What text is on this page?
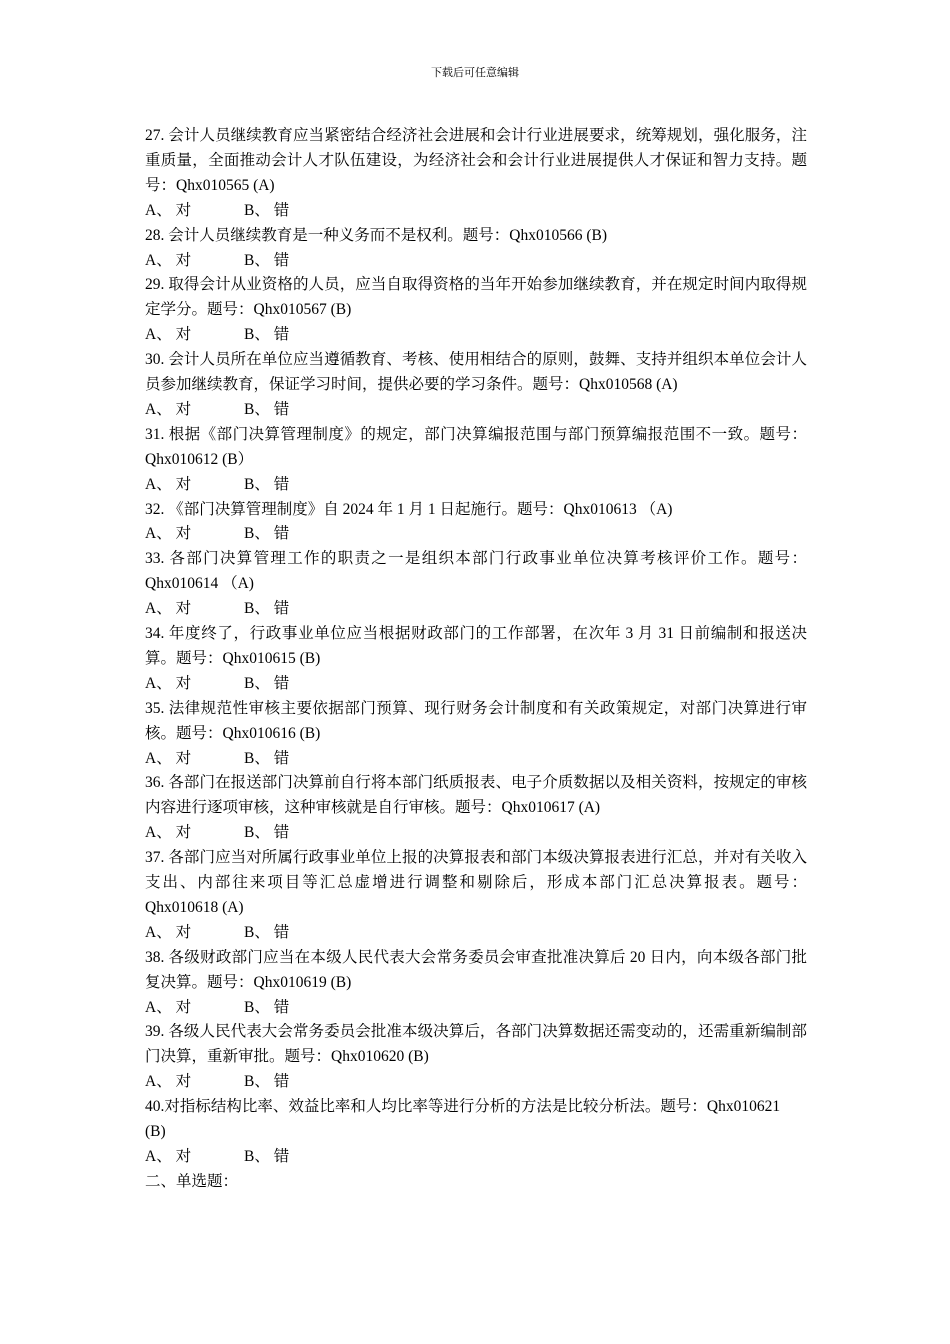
下载后可任意编辑
27. 会计人员继续教育应当紧密结合经济社会进展和会计行业进展要求，统筹规划，强化服务，注重质量，全面推动会计人才队伍建设，为经济社会和会计行业进展提供人才保证和智力支持。题号：Qhx010565 (A)
A、 对	B、 错
28. 会计人员继续教育是一种义务而不是权利。题号：Qhx010566 (B)
A、 对	B、 错
29. 取得会计从业资格的人员，应当自取得资格的当年开始参加继续教育，并在规定时间内取得规定学分。题号：Qhx010567 (B)
A、 对	B、 错
30. 会计人员所在单位应当遵循教育、考核、使用相结合的原则，鼓舞、支持并组织本单位会计人员参加继续教育，保证学习时间，提供必要的学习条件。题号：Qhx010568 (A)
A、 对	B、 错
31. 根据《部门决算管理制度》的规定，部门决算编报范围与部门预算编报范围不一致。题号：Qhx010612 (B）
A、 对	B、 错
32. 《部门决算管理制度》自 2024 年 1 月 1 日起施行。题号：Qhx010613 （A)
A、 对	B、 错
33. 各部门决算管理工作的职责之一是组织本部门行政事业单位决算考核评价工作。题号：Qhx010614 （A)
A、 对	B、 错
34. 年度终了，行政事业单位应当根据财政部门的工作部署，在次年 3 月 31 日前编制和报送决算。题号：Qhx010615 (B)
A、 对	B、 错
35. 法律规范性审核主要依据部门预算、现行财务会计制度和有关政策规定，对部门决算进行审核。题号：Qhx010616 (B)
A、 对	B、 错
36. 各部门在报送部门决算前自行将本部门纸质报表、电子介质数据以及相关资料，按规定的审核内容进行逐项审核，这种审核就是自行审核。题号：Qhx010617 (A)
A、 对	B、 错
37. 各部门应当对所属行政事业单位上报的决算报表和部门本级决算报表进行汇总，并对有关收入支出、内部往来项目等汇总虚增进行调整和剔除后，形成本部门汇总决算报表。题号：Qhx010618 (A)
A、 对	B、 错
38. 各级财政部门应当在本级人民代表大会常务委员会审查批准决算后 20 日内，向本级各部门批复决算。题号：Qhx010619 (B)
A、 对	B、 错
39. 各级人民代表大会常务委员会批准本级决算后，各部门决算数据还需变动的，还需重新编制部门决算，重新审批。题号：Qhx010620 (B)
A、 对	B、 错
40.对指标结构比率、效益比率和人均比率等进行分析的方法是比较分析法。题号：Qhx010621
(B)
A、 对	B、 错
二、单选题：
